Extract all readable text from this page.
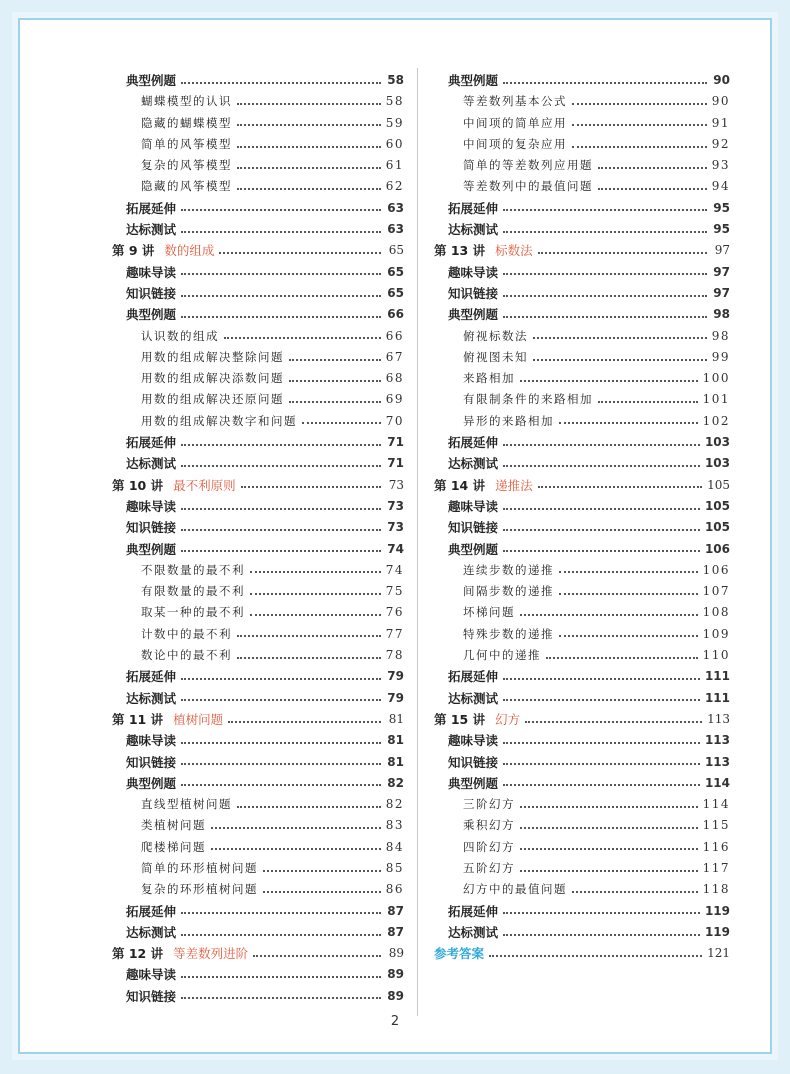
典型例题	58
蝴蝶模型的认识	58
隐藏的蝴蝶模型	59
简单的风筝模型	60
复杂的风筝模型	61
隐藏的风筝模型	62
拓展延伸	63
达标测试	63
第 9 讲 数的组成	65
趣味导读	65
知识链接	65
典型例题	66
认识数的组成	66
用数的组成解决整除问题	67
用数的组成解决添数问题	68
用数的组成解决还原问题	69
用数的组成解决数字和问题	70
拓展延伸	71
达标测试	71
第 10 讲 最不利原则	73
趣味导读	73
知识链接	73
典型例题	74
不限数量的最不利	74
有限数量的最不利	75
取某一种的最不利	76
计数中的最不利	77
数论中的最不利	78
拓展延伸	79
达标测试	79
第 11 讲 植树问题	81
趣味导读	81
知识链接	81
典型例题	82
直线型植树问题	82
类植树问题	83
爬楼梯问题	84
简单的环形植树问题	85
复杂的环形植树问题	86
拓展延伸	87
达标测试	87
第 12 讲 等差数列进阶	89
趣味导读	89
知识链接	89
典型例题	90
等差数列基本公式	90
中间项的简单应用	91
中间项的复杂应用	92
简单的等差数列应用题	93
等差数列中的最值问题	94
拓展延伸	95
达标测试	95
第 13 讲 标数法	97
趣味导读	97
知识链接	97
典型例题	98
俯视标数法	98
俯视图未知	99
来路相加	100
有限制条件的来路相加	101
异形的来路相加	102
拓展延伸	103
达标测试	103
第 14 讲 递推法	105
趣味导读	105
知识链接	105
典型例题	106
连续步数的递推	106
间隔步数的递推	107
坏梯问题	108
特殊步数的递推	109
几何中的递推	110
拓展延伸	111
达标测试	111
第 15 讲 幻方	113
趣味导读	113
知识链接	113
典型例题	114
三阶幻方	114
乘积幻方	115
四阶幻方	116
五阶幻方	117
幻方中的最值问题	118
拓展延伸	119
达标测试	119
参考答案	121
2
